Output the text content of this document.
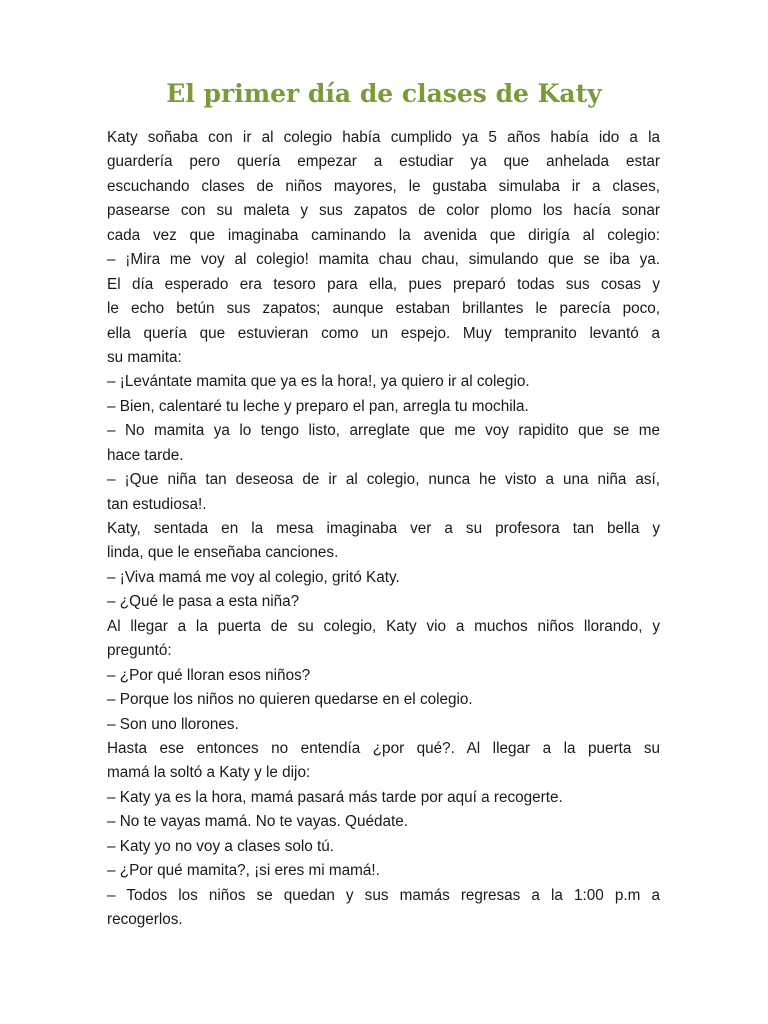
El primer día de clases de Katy
Katy soñaba con ir al colegio había cumplido ya 5 años había ido a la
guardería pero quería empezar a estudiar ya que anhelada estar
escuchando clases de niños mayores, le gustaba simulaba ir a clases,
pasearse con su maleta y sus zapatos de color plomo los hacía sonar
cada vez que imaginaba caminando la avenida que dirigía al colegio:
– ¡Mira me voy al colegio! mamita chau chau, simulando que se iba ya.
El día esperado era tesoro para ella, pues preparó todas sus cosas y
le echo betún sus zapatos; aunque estaban brillantes le parecía poco,
ella quería que estuvieran como un espejo. Muy tempranito levantó a
su mamita:
– ¡Levántate mamita que ya es la hora!, ya quiero ir al colegio.
– Bien, calentaré tu leche y preparo el pan, arregla tu mochila.
– No mamita ya lo tengo listo, arreglate que me voy rapidito que se me
hace tarde.
– ¡Que niña tan deseosa de ir al colegio, nunca he visto a una niña así,
tan estudiosa!.
Katy, sentada en la mesa imaginaba ver a su profesora tan bella y
linda, que le enseñaba canciones.
– ¡Viva mamá me voy al colegio, gritó Katy.
– ¿Qué le pasa a esta niña?
Al llegar a la puerta de su colegio, Katy vio a muchos niños llorando, y
preguntó:
– ¿Por qué lloran esos niños?
– Porque los niños no quieren quedarse en el colegio.
– Son uno llorones.
Hasta ese entonces no entendía ¿por qué?. Al llegar a la puerta su
mamá la soltó a Katy y le dijo:
– Katy ya es la hora, mamá pasará más tarde por aquí a recogerte.
– No te vayas mamá. No te vayas. Quédate.
– Katy yo no voy a clases solo tú.
– ¿Por qué mamita?, ¡si eres mi mamá!.
– Todos los niños se quedan y sus mamás regresas a la 1:00 p.m a
recogerlos.
